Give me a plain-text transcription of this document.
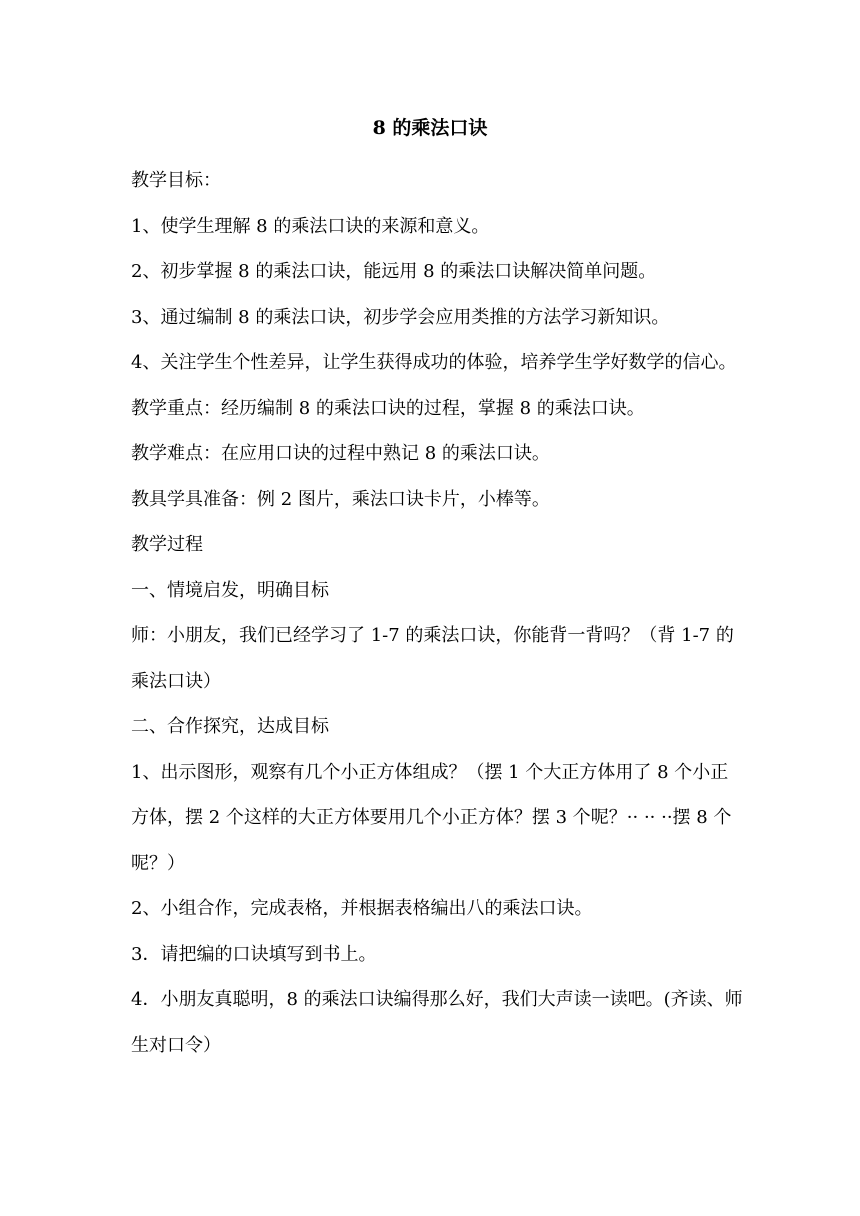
8 的乘法口诀

教学目标：

1、使学生理解 8 的乘法口诀的来源和意义。

2、初步掌握 8 的乘法口诀，能远用 8 的乘法口诀解决简单问题。

3、通过编制 8 的乘法口诀，初步学会应用类推的方法学习新知识。

4、关注学生个性差异，让学生获得成功的体验，培养学生学好数学的信心。

教学重点：经历编制 8 的乘法口诀的过程，掌握 8 的乘法口诀。

教学难点：在应用口诀的过程中熟记 8 的乘法口诀。

教具学具准备：例 2 图片，乘法口诀卡片，小棒等。

教学过程

一、情境启发，明确目标

师：小朋友，我们已经学习了 1-7 的乘法口诀，你能背一背吗？（背 1-7 的乘法口诀）

二、合作探究，达成目标

1、出示图形，观察有几个小正方体组成？（摆 1 个大正方体用了 8 个小正方体，摆 2 个这样的大正方体要用几个小正方体？摆 3 个呢？·· ·· ··摆 8 个呢？）

2、小组合作，完成表格，并根据表格编出八的乘法口诀。

3．请把编的口诀填写到书上。

4．小朋友真聪明，8 的乘法口诀编得那么好，我们大声读一读吧。(齐读、师生对口令）
